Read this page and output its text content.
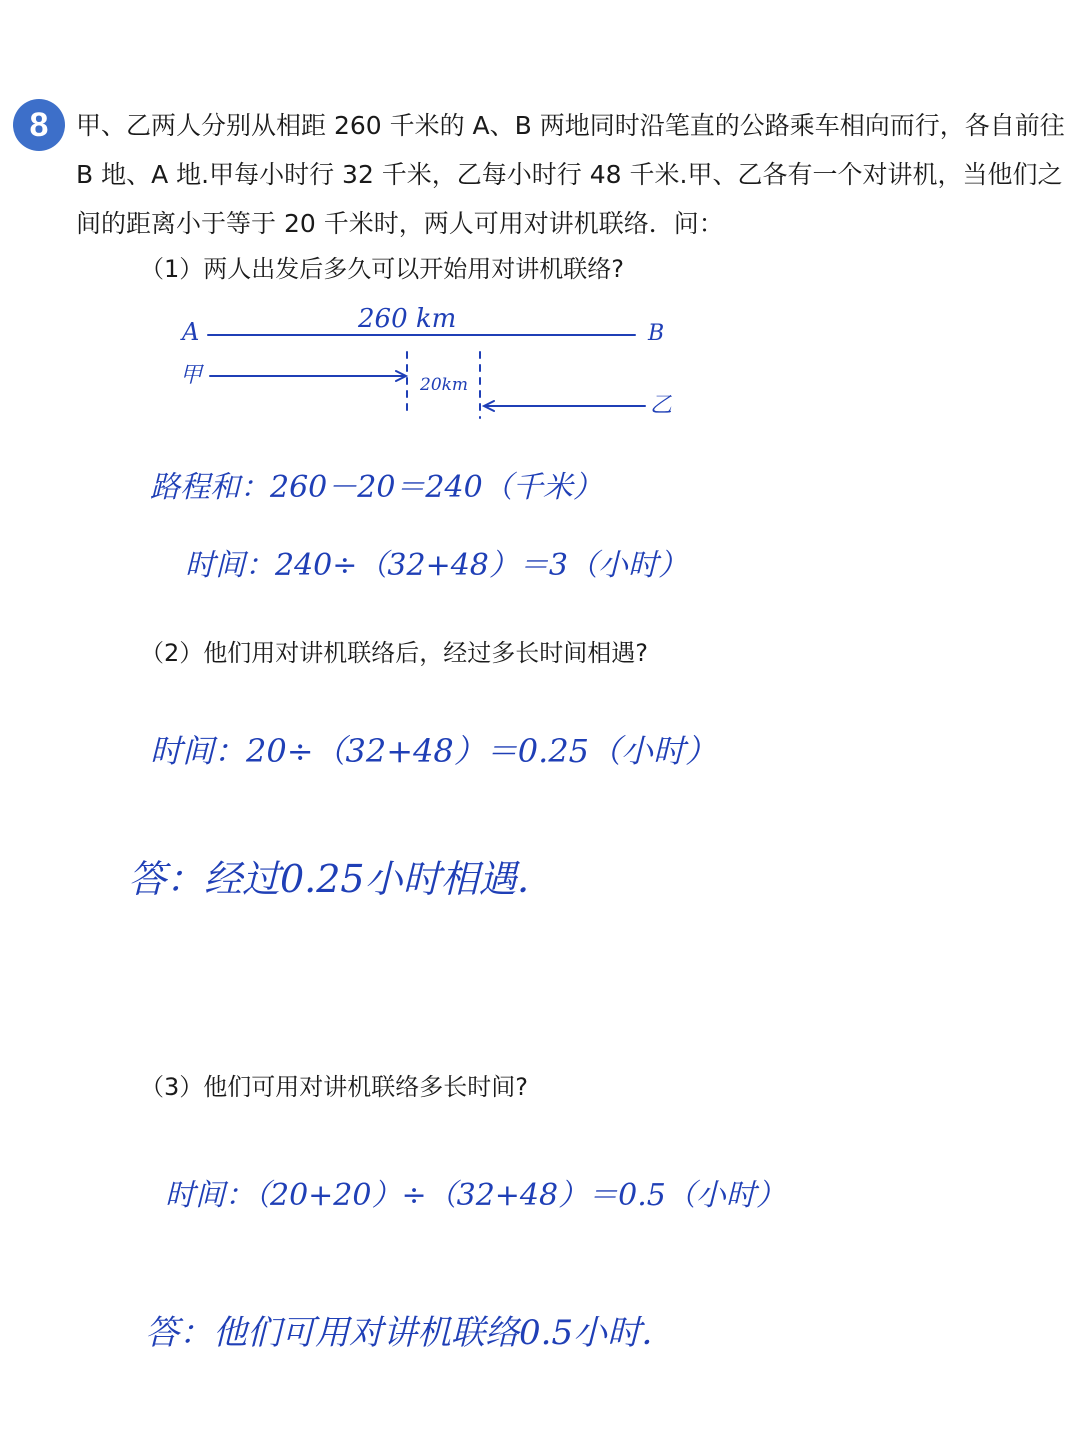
8	甲、乙两人分别从相距 260 千米的 A、B 两地同时沿笔直的公路乘车相向而行，各自前往 B 地、A 地.甲每小时行 32 千米，乙每小时行 48 千米.甲、乙各有一个对讲机，当他们之间的距离小于等于 20 千米时，两人可用对讲机联络．问：

（1）两人出发后多久可以开始用对讲机联络?

A	B
甲
乙
260 km
20km

路程和：260－20＝240（千米）

时间：240÷（32+48）＝3（小时）

（2）他们用对讲机联络后，经过多长时间相遇?

时间：20÷（32+48）＝0.25（小时）

答：经过0.25小时相遇．

（3）他们可用对讲机联络多长时间?

时间：（20+20）÷（32+48）＝0.5（小时）

答：他们可用对讲机联络0.5小时．
